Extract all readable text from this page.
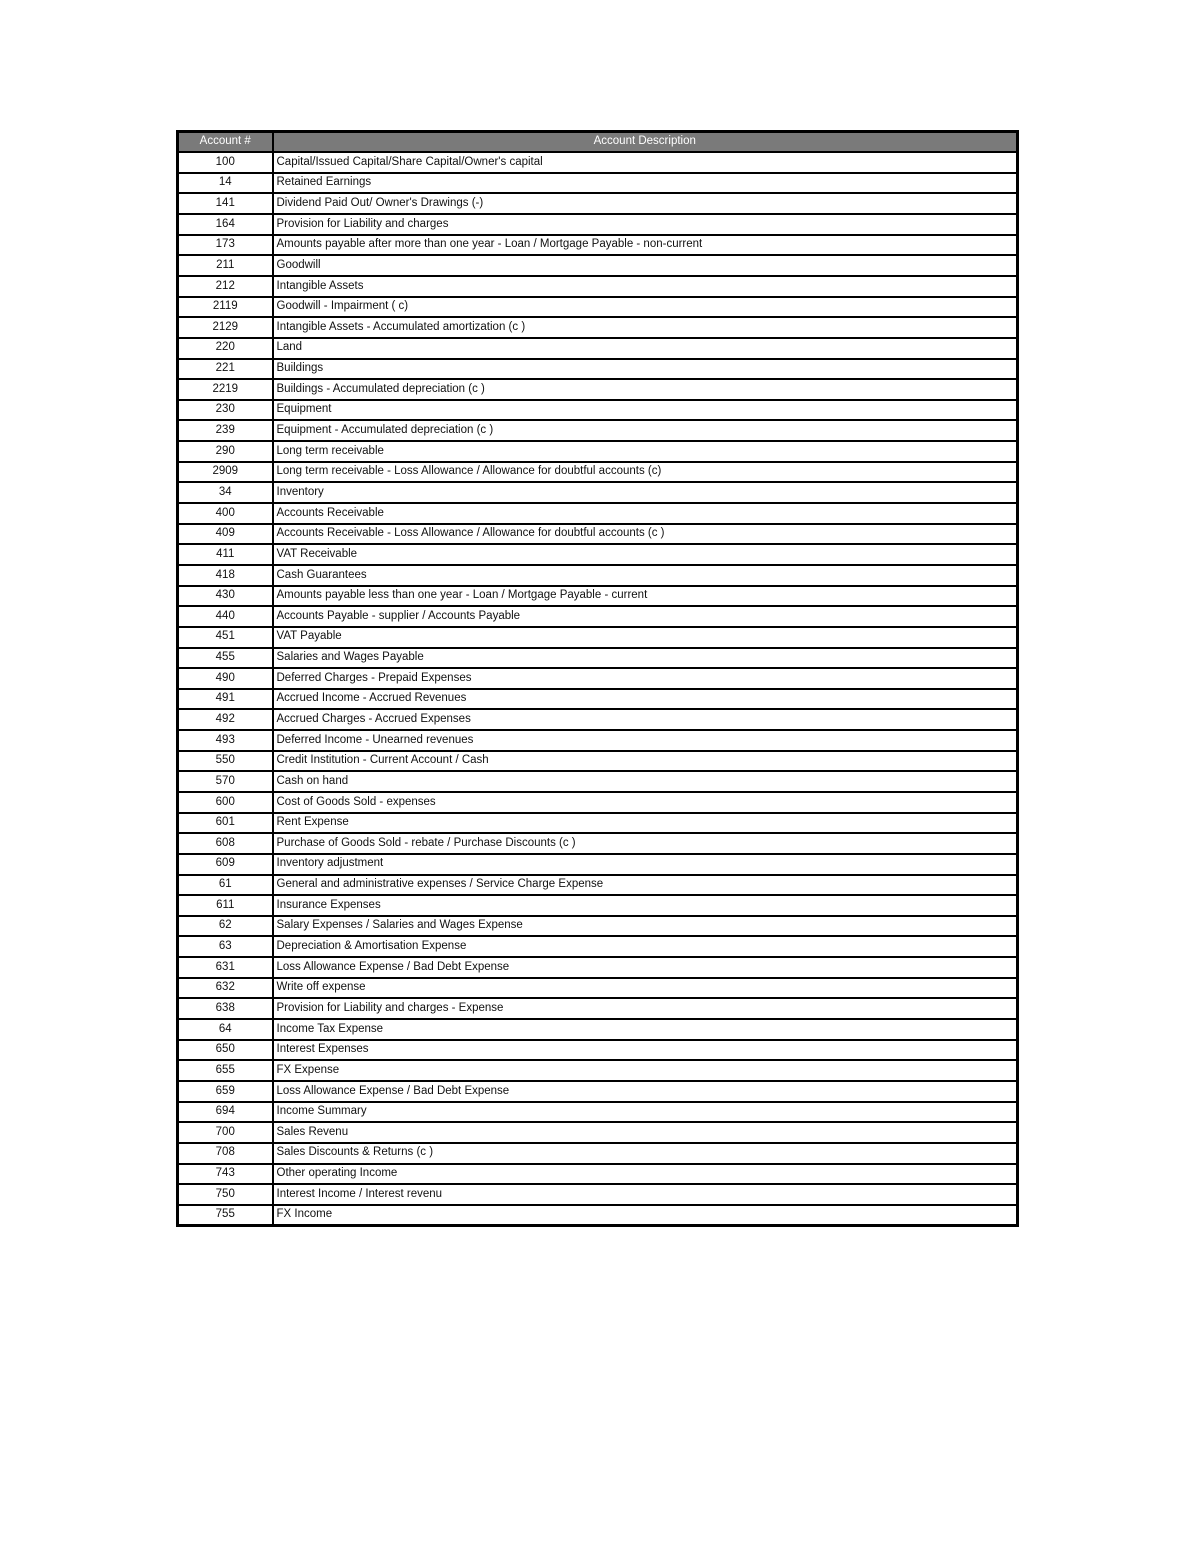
Account #	Account Description
100	Capital/Issued Capital/Share Capital/Owner's capital
14	Retained Earnings
141	Dividend Paid Out/ Owner's Drawings (-)
164	Provision for Liability and charges
173	Amounts payable after more than one year - Loan / Mortgage Payable - non-current
211	Goodwill
212	Intangible Assets
2119	Goodwill - Impairment ( c)
2129	Intangible Assets - Accumulated amortization (c )
220	Land
221	Buildings
2219	Buildings - Accumulated depreciation (c )
230	Equipment
239	Equipment - Accumulated depreciation (c )
290	Long term receivable
2909	Long term receivable - Loss Allowance / Allowance for doubtful accounts (c)
34	Inventory
400	Accounts Receivable
409	Accounts Receivable - Loss Allowance / Allowance for doubtful accounts (c )
411	VAT Receivable
418	Cash Guarantees
430	Amounts payable less than one year - Loan / Mortgage Payable - current
440	Accounts Payable - supplier / Accounts Payable
451	VAT Payable
455	Salaries and Wages Payable
490	Deferred Charges - Prepaid Expenses
491	Accrued Income - Accrued Revenues
492	Accrued Charges - Accrued Expenses
493	Deferred Income - Unearned revenues
550	Credit Institution - Current Account / Cash
570	Cash on hand
600	Cost of Goods Sold - expenses
601	Rent Expense
608	Purchase of Goods Sold - rebate / Purchase Discounts (c )
609	Inventory adjustment
61	General and administrative expenses / Service Charge Expense
611	Insurance Expenses
62	Salary Expenses / Salaries and Wages Expense
63	Depreciation & Amortisation Expense
631	Loss Allowance Expense / Bad Debt Expense
632	Write off expense
638	Provision for Liability and charges - Expense
64	Income Tax Expense
650	Interest Expenses
655	FX Expense
659	Loss Allowance Expense / Bad Debt Expense
694	Income Summary
700	Sales Revenu
708	Sales Discounts & Returns (c )
743	Other operating Income
750	Interest Income / Interest revenu
755	FX Income
